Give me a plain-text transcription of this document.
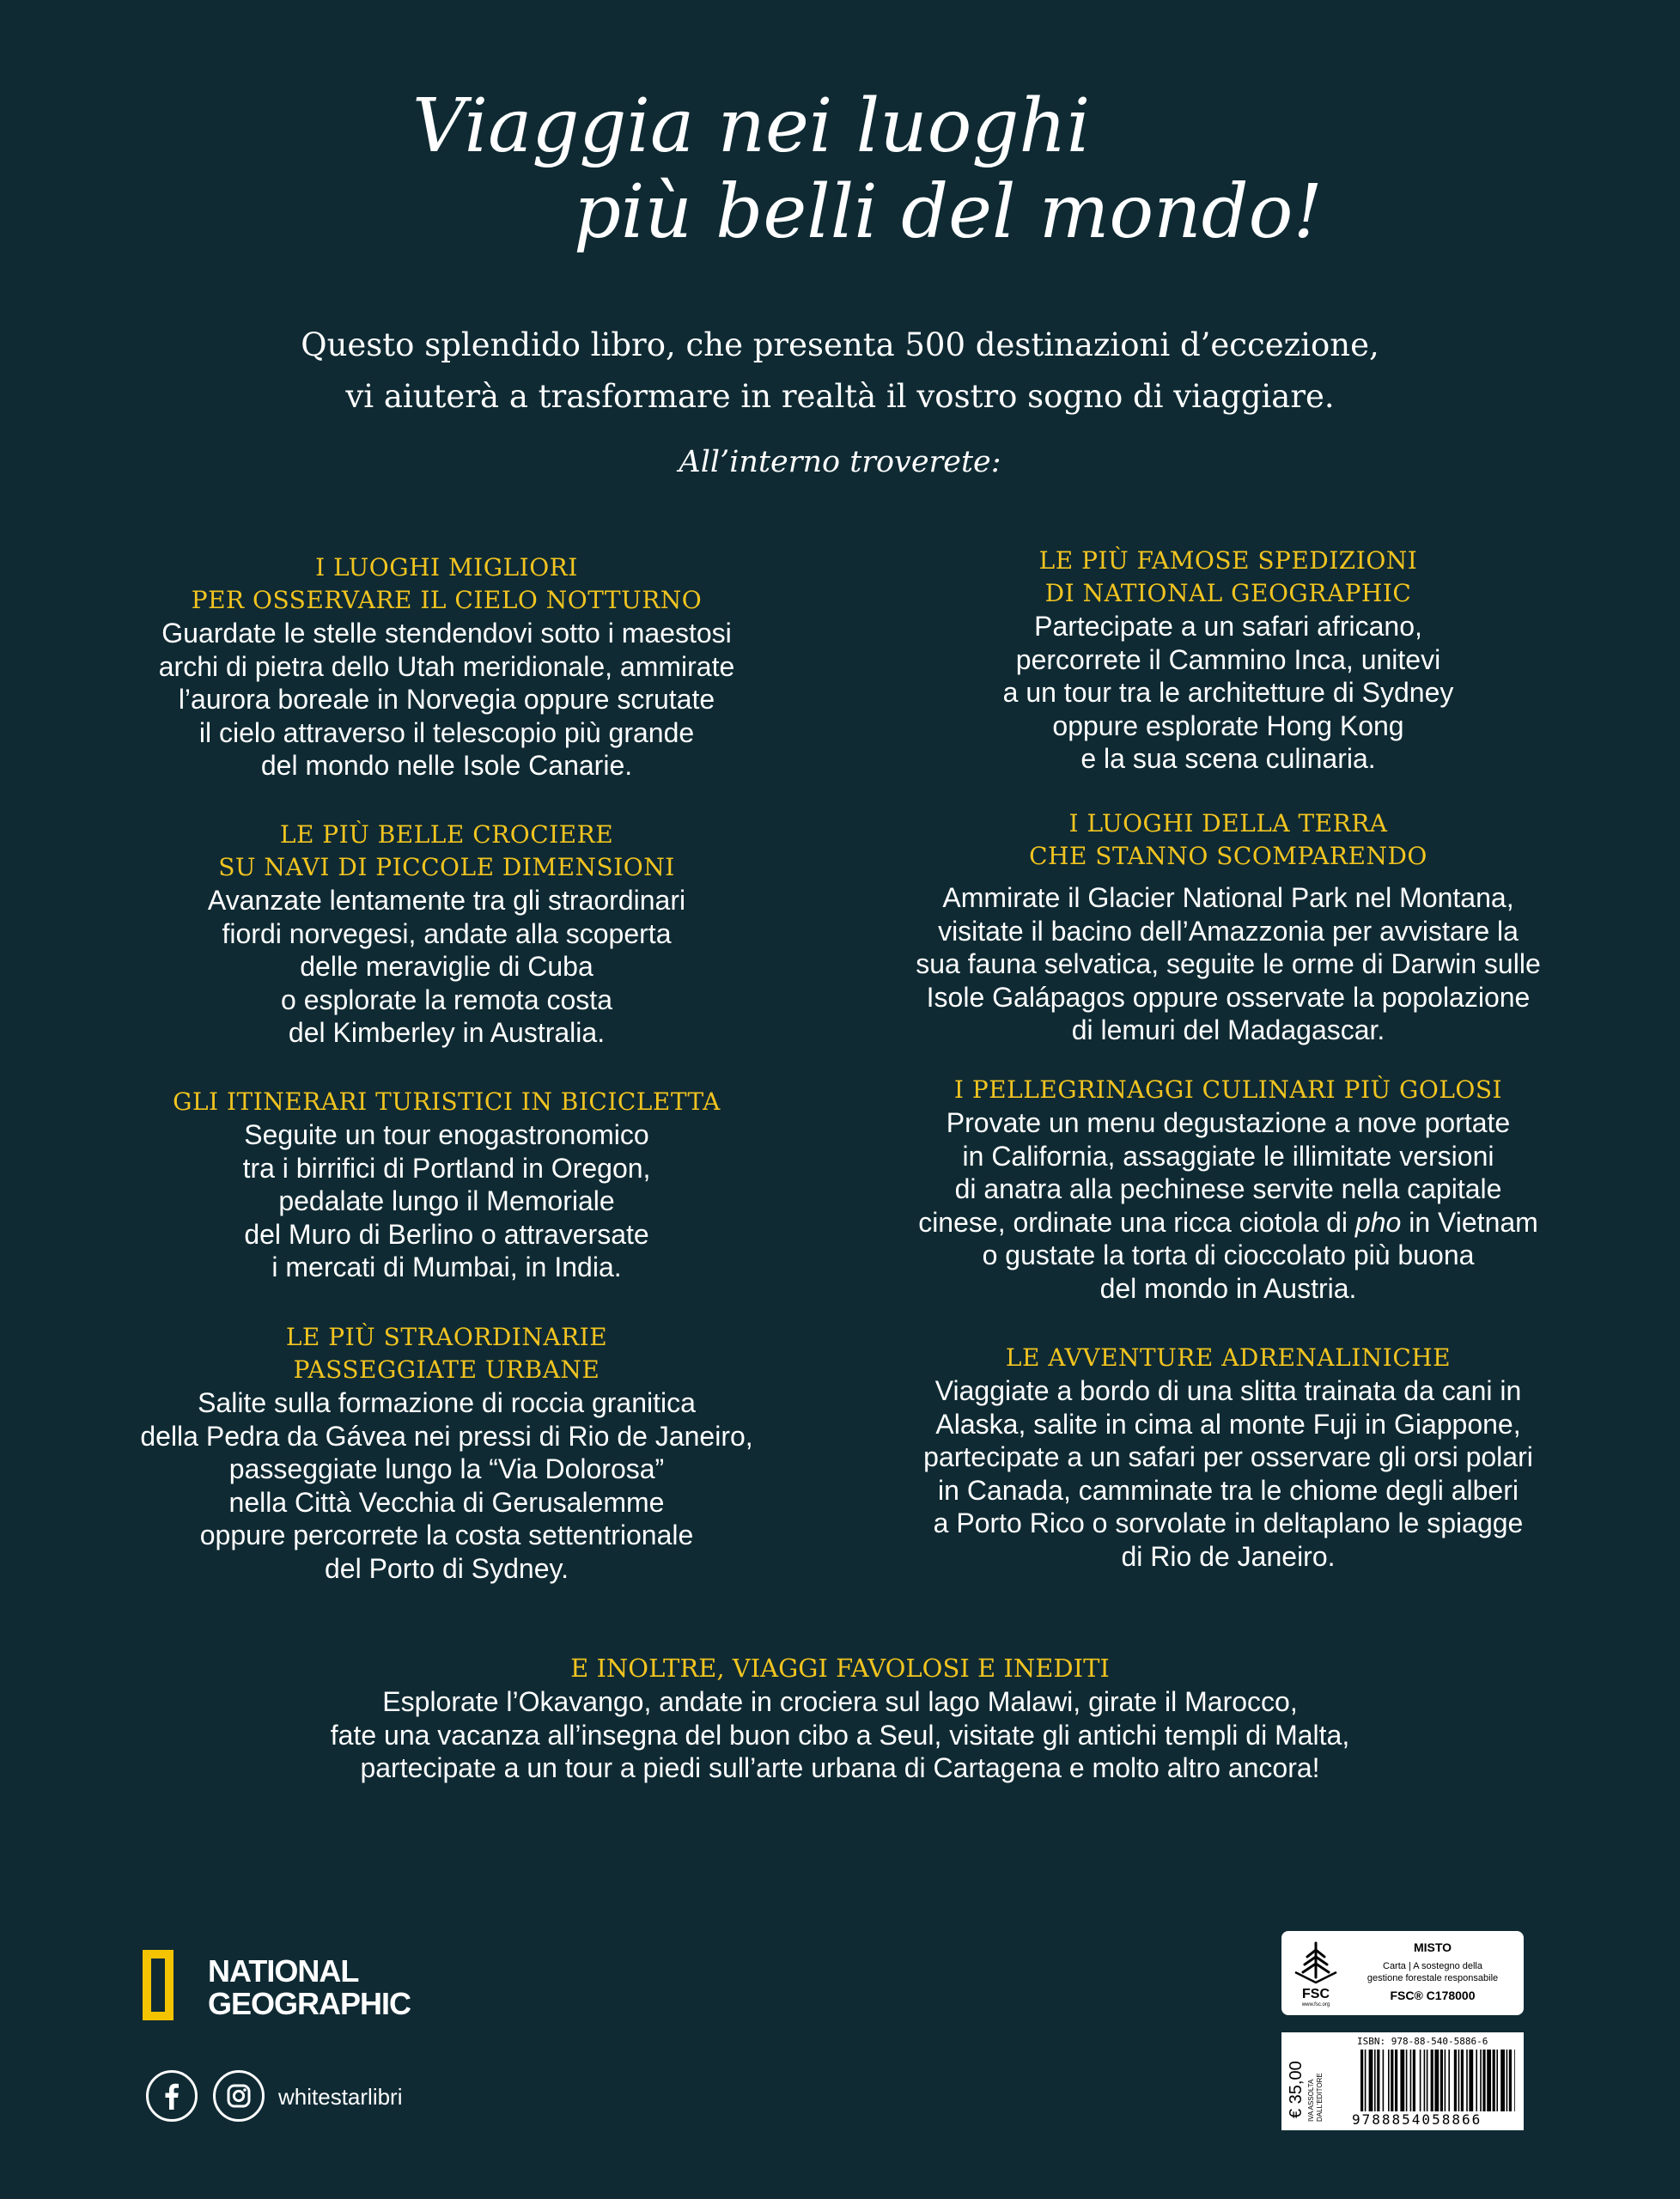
Viaggia nei luoghi
più belli del mondo!
Questo splendido libro, che presenta 500 destinazioni d’eccezione,
vi aiuterà a trasformare in realtà il vostro sogno di viaggiare.
All’interno troverete:
I LUOGHI MIGLIORI
PER OSSERVARE IL CIELO NOTTURNO
Guardate le stelle stendendovi sotto i maestosi
archi di pietra dello Utah meridionale, ammirate
l’aurora boreale in Norvegia oppure scrutate
il cielo attraverso il telescopio più grande
del mondo nelle Isole Canarie.
LE PIÙ BELLE CROCIERE
SU NAVI DI PICCOLE DIMENSIONI
Avanzate lentamente tra gli straordinari
fiordi norvegesi, andate alla scoperta
delle meraviglie di Cuba
o esplorate la remota costa
del Kimberley in Australia.
GLI ITINERARI TURISTICI IN BICICLETTA
Seguite un tour enogastronomico
tra i birrifici di Portland in Oregon,
pedalate lungo il Memoriale
del Muro di Berlino o attraversate
i mercati di Mumbai, in India.
LE PIÙ STRAORDINARIE
PASSEGGIATE URBANE
Salite sulla formazione di roccia granitica
della Pedra da Gávea nei pressi di Rio de Janeiro,
passeggiate lungo la “Via Dolorosa”
nella Città Vecchia di Gerusalemme
oppure percorrete la costa settentrionale
del Porto di Sydney.
LE PIÙ FAMOSE SPEDIZIONI
DI NATIONAL GEOGRAPHIC
Partecipate a un safari africano,
percorrete il Cammino Inca, unitevi
a un tour tra le architetture di Sydney
oppure esplorate Hong Kong
e la sua scena culinaria.
I LUOGHI DELLA TERRA
CHE STANNO SCOMPARENDO
Ammirate il Glacier National Park nel Montana,
visitate il bacino dell’Amazzonia per avvistare la
sua fauna selvatica, seguite le orme di Darwin sulle
Isole Galápagos oppure osservate la popolazione
di lemuri del Madagascar.
I PELLEGRINAGGI CULINARI PIÙ GOLOSI
Provate un menu degustazione a nove portate
in California, assaggiate le illimitate versioni
di anatra alla pechinese servite nella capitale
cinese, ordinate una ricca ciotola di pho in Vietnam
o gustate la torta di cioccolato più buona
del mondo in Austria.
LE AVVENTURE ADRENALINICHE
Viaggiate a bordo di una slitta trainata da cani in
Alaska, salite in cima al monte Fuji in Giappone,
partecipate a un safari per osservare gli orsi polari
in Canada, camminate tra le chiome degli alberi
a Porto Rico o sorvolate in deltaplano le spiagge
di Rio de Janeiro.
E INOLTRE, VIAGGI FAVOLOSI E INEDITI
Esplorate l’Okavango, andate in crociera sul lago Malawi, girate il Marocco,
fate una vacanza all’insegna del buon cibo a Seul, visitate gli antichi templi di Malta,
partecipate a un tour a piedi sull’arte urbana di Cartagena e molto altro ancora!
NATIONAL
GEOGRAPHIC
whitestarlibri
FSC
www.fsc.org
MISTO
Carta | A sostegno della
gestione forestale responsabile
FSC® C178000
€ 35,00 IVA ASSOLTA DALL’EDITORE
ISBN: 978-88-540-5886-6
9788854058866
